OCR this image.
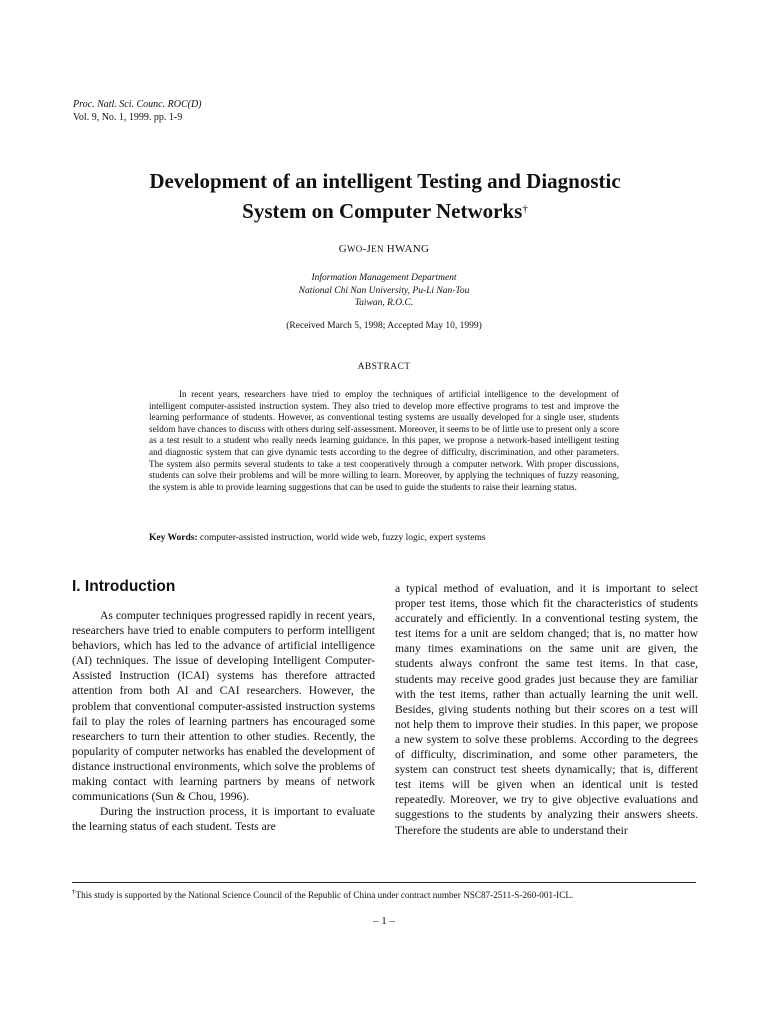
Proc. Natl. Sci. Counc. ROC(D)
Vol. 9, No. 1, 1999. pp. 1-9
Development of an intelligent Testing and Diagnostic
System on Computer Networks†
GWO-JEN HWANG
Information Management Department
National Chi Nan University, Pu-Li Nan-Tou
Taiwan, R.O.C.
(Received March 5, 1998; Accepted May 10, 1999)
ABSTRACT

In recent years, researchers have tried to employ the techniques of artificial intelligence to the development of intelligent computer-assisted instruction system. They also tried to develop more effective programs to test and improve the learning performance of students. However, as conventional testing systems are usually developed for a single user, students seldom have chances to discuss with others during self-assessment. Moreover, it seems to be of little use to present only a score as a test result to a student who really needs learning guidance. In this paper, we propose a network-based intelligent testing and diagnostic system that can give dynamic tests according to the degree of difficulty, discrimination, and other parameters. The system also permits several students to take a test cooperatively through a computer network. With proper discussions, students can solve their problems and will be more willing to learn. Moreover, by applying the techniques of fuzzy reasoning, the system is able to provide learning suggestions that can be used to guide the students to raise their learning status.

Key Words: computer-assisted instruction, world wide web, fuzzy logic, expert systems
I. Introduction

As computer techniques progressed rapidly in recent years, researchers have tried to enable computers to perform intelligent behaviors, which has led to the advance of artificial intelligence (AI) techniques. The issue of developing Intelligent Computer-Assisted Instruction (ICAI) systems has therefore attracted attention from both AI and CAI researchers. However, the problem that conventional computer-assisted instruction systems fail to play the roles of learning partners has encouraged some researchers to turn their attention to other studies. Recently, the popularity of computer networks has enabled the development of distance instructional environments, which solve the problems of making contact with learning partners by means of network communications (Sun & Chou, 1996).

During the instruction process, it is important to evaluate the learning status of each student. Tests are

a typical method of evaluation, and it is important to select proper test items, those which fit the characteristics of students accurately and efficiently. In a conventional testing system, the test items for a unit are seldom changed; that is, no matter how many times examinations on the same unit are given, the students always confront the same test items. In that case, students may receive good grades just because they are familiar with the test items, rather than actually learning the unit well. Besides, giving students nothing but their scores on a test will not help them to improve their studies. In this paper, we propose a new system to solve these problems. According to the degrees of difficulty, discrimination, and some other parameters, the system can construct test sheets dynamically; that is, different test items will be given when an identical unit is tested repeatedly. Moreover, we try to give objective evaluations and suggestions to the students by analyzing their answers sheets. Therefore the students are able to understand their

†This study is supported by the National Science Council of the Republic of China under contract number NSC87-2511-S-260-001-ICL.
– 1 –
